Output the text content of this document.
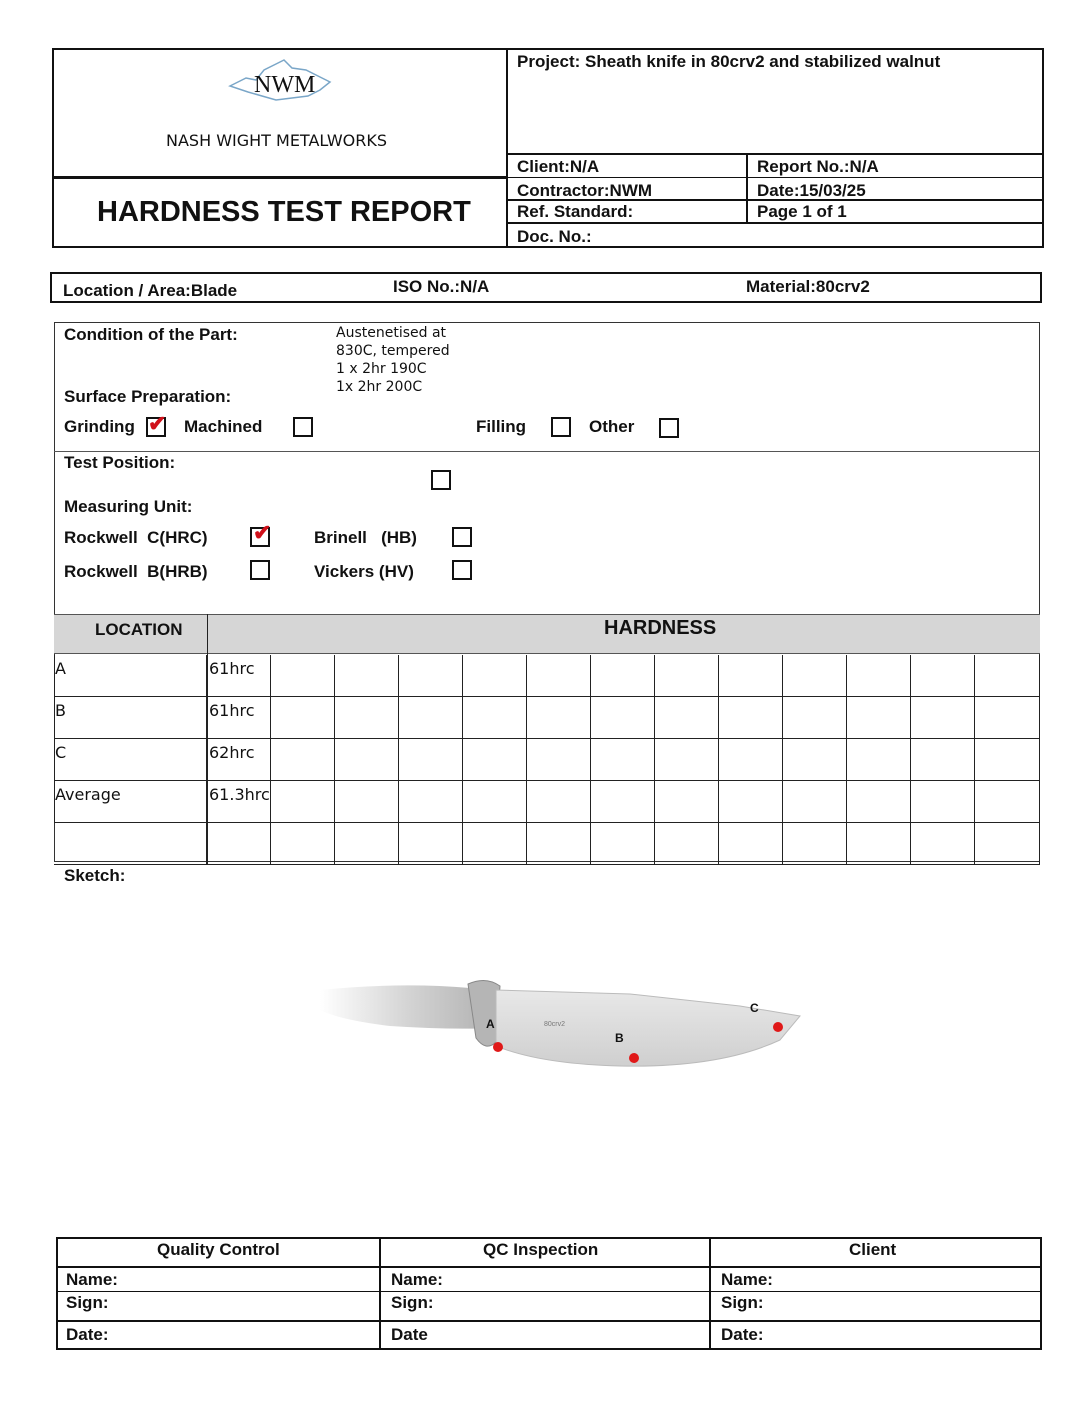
NWM
NASH WIGHT METALWORKS
HARDNESS TEST REPORT
Project: Sheath knife in 80crv2 and stabilized walnut
Client:N/A
Contractor:NWM
Ref. Standard:
Doc. No.:
Report No.:N/A
Date:15/03/25
Page 1 of 1
Location / Area:Blade	ISO No.:N/A	Material:80crv2
Condition of the Part:	Austenetised at
830C, tempered
1 x 2hr 190C
1x 2hr 200C
Surface Preparation:
Grinding ✔ Machined	Filling	Other
Test Position:
Measuring Unit:
Rockwell  C(HRC) ✔	Brinell   (HB)
Rockwell  B(HRB)	Vickers (HV)
LOCATION	HARDNESS
A	61hrc
B	61hrc
C	62hrc
Average	61.3hrc
Sketch:
80crv2
A
B
C
Quality Control	QC Inspection	Client
Name:	Name:	Name:
Sign:	Sign:	Sign:
Date:	Date	Date:
